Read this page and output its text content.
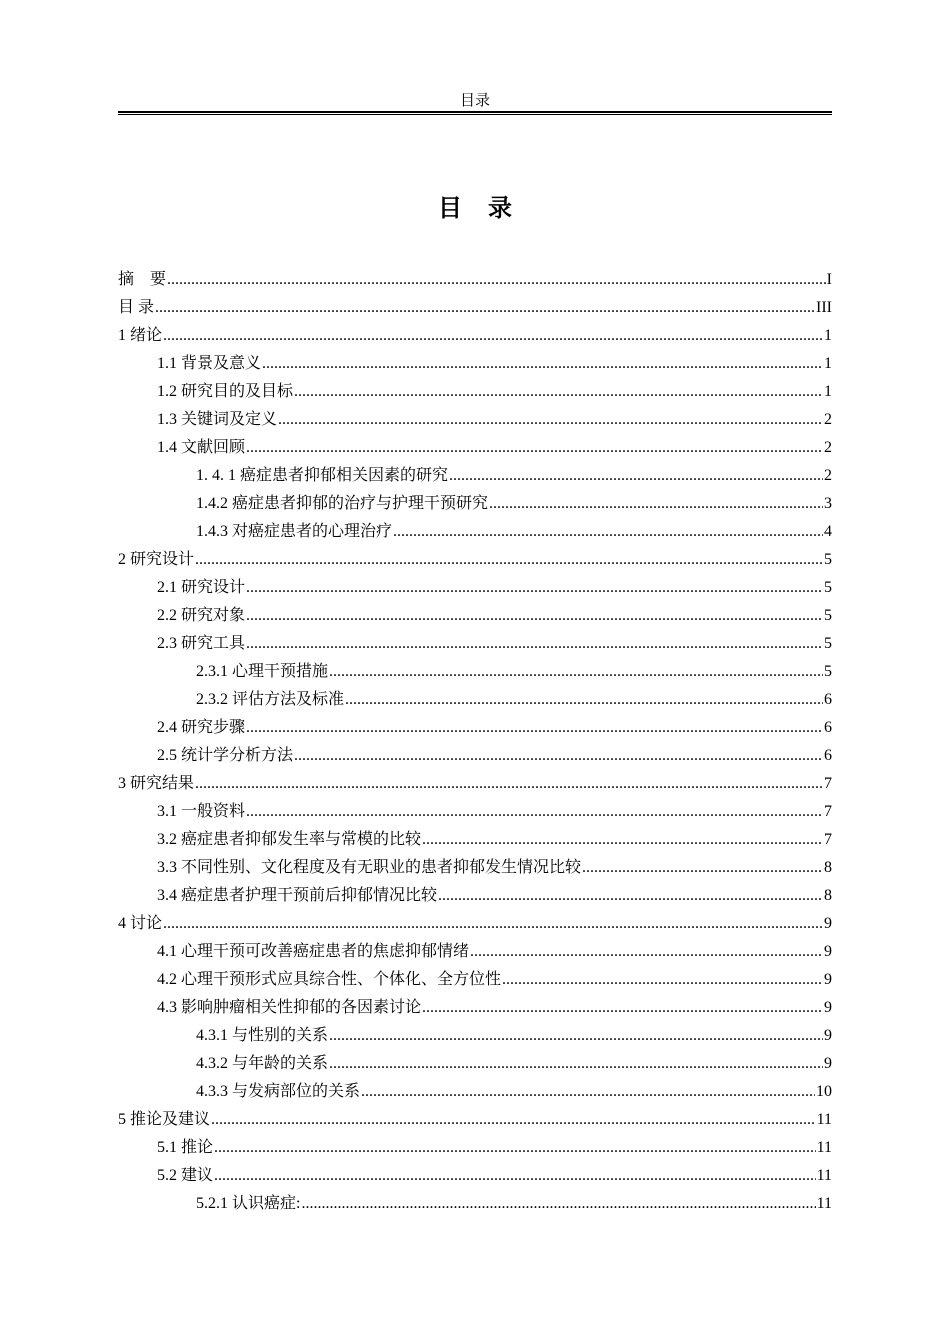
目录
目 录
摘　要 .....	I
目 录 .....	III
1 绪论 .....	1
1.1 背景及意义 .....	1
1.2 研究目的及目标 .....	1
1.3 关键词及定义 .....	2
1.4 文献回顾 .....	2
1. 4. 1 癌症患者抑郁相关因素的研究 .....	2
1.4.2 癌症患者抑郁的治疗与护理干预研究 .....	3
1.4.3 对癌症患者的心理治疗 .....	4
2 研究设计 .....	5
2.1 研究设计 .....	5
2.2 研究对象 .....	5
2.3 研究工具 .....	5
2.3.1 心理干预措施 .....	5
2.3.2 评估方法及标准 .....	6
2.4 研究步骤 .....	6
2.5 统计学分析方法 .....	6
3 研究结果 .....	7
3.1 一般资料 .....	7
3.2 癌症患者抑郁发生率与常模的比较 .....	7
3.3 不同性别、文化程度及有无职业的患者抑郁发生情况比较 .....	8
3.4 癌症患者护理干预前后抑郁情况比较 .....	8
4 讨论 .....	9
4.1 心理干预可改善癌症患者的焦虑抑郁情绪 .....	9
4.2 心理干预形式应具综合性、个体化、全方位性 .....	9
4.3 影响肿瘤相关性抑郁的各因素讨论 .....	9
4.3.1 与性别的关系 .....	9
4.3.2 与年龄的关系 .....	9
4.3.3 与发病部位的关系 .....	10
5 推论及建议 .....	11
5.1 推论 .....	11
5.2 建议 .....	11
5.2.1 认识癌症: .....	11
